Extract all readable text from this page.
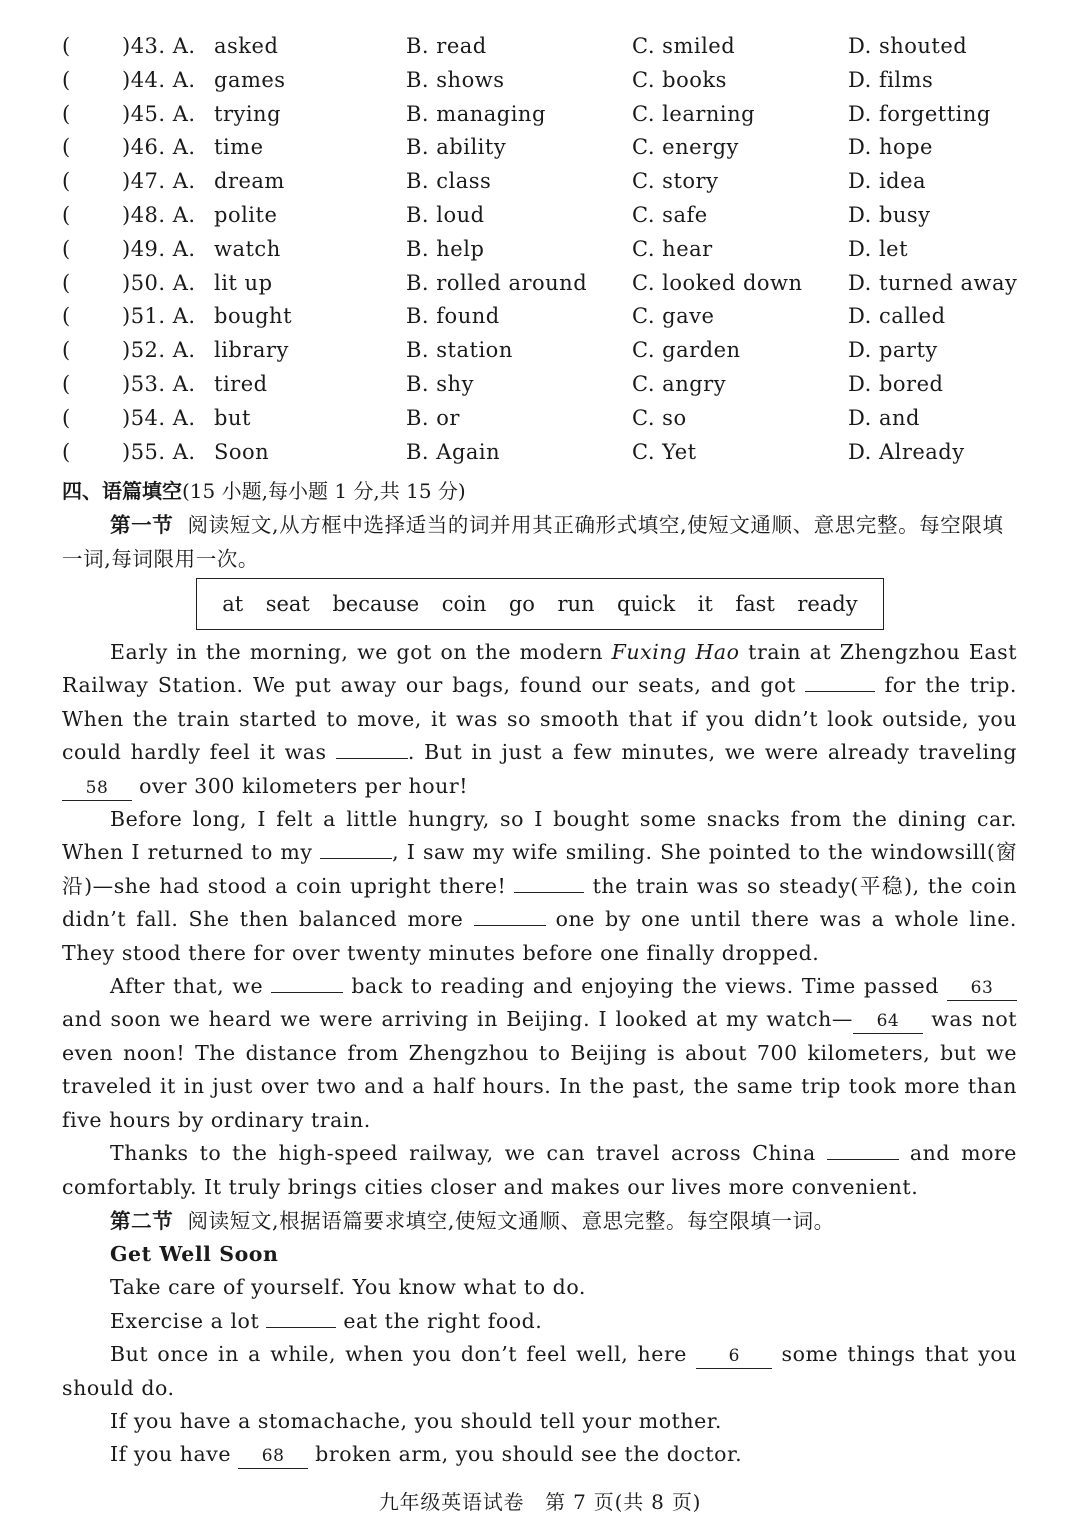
( )43. A. asked	B. read	C. smiled	D. shouted
( )44. A. games	B. shows	C. books	D. films
( )45. A. trying	B. managing	C. learning	D. forgetting
( )46. A. time	B. ability	C. energy	D. hope
( )47. A. dream	B. class	C. story	D. idea
( )48. A. polite	B. loud	C. safe	D. busy
( )49. A. watch	B. help	C. hear	D. let
( )50. A. lit up	B. rolled around C. looked down D. turned away
( )51. A. bought	B. found	C. gave	D. called
( )52. A. library	B. station	C. garden	D. party
( )53. A. tired	B. shy	C. angry	D. bored
( )54. A. but	B. or	C. so	D. and
( )55. A. Soon	B. Again	C. Yet	D. Already
四、语篇填空(15 小题,每小题 1 分,共 15 分)
第一节 阅读短文,从方框中选择适当的词并用其正确形式填空,使短文通顺、意思完整。每空限填一词,每词限用一次。
at seat because coin go run quick it fast ready

Early in the morning, we got on the modern Fuxing Hao train at Zhengzhou East Railway Station. We put away our bags, found our seats, and got	for the trip. When the train started to move, it was so smooth that if you didn’t look outside, you could hardly feel it was	. But in just a few minutes, we were already traveling 58 over 300 kilometers per hour!

Before long, I felt a little hungry, so I bought some snacks from the dining car. When I returned to my	, I saw my wife smiling. She pointed to the windowsill(窗沿)—she had stood a coin upright there!	the train was so steady(平稳), the coin didn’t fall. She then balanced more	one by one until there was a whole line. They stood there for over twenty minutes before one finally dropped.

After that, we	back to reading and enjoying the views. Time passed 63 and soon we heard we were arriving in Beijing. I looked at my watch— 64 was not even noon! The distance from Zhengzhou to Beijing is about 700 kilometers, but we traveled it in just over two and a half hours. In the past, the same trip took more than five hours by ordinary train.

Thanks to the high-speed railway, we can travel across China	and more comfortably. It truly brings cities closer and makes our lives more convenient.

第二节 阅读短文,根据语篇要求填空,使短文通顺、意思完整。每空限填一词。

Get Well Soon

Take care of yourself. You know what to do.

Exercise a lot	eat the right food.

But once in a while, when you don’t feel well, here 6 some things that you should do.

If you have a stomachache, you should tell your mother.

If you have 68 broken arm, you should see the doctor.

九年级英语试卷　第 7 页(共 8 页)
